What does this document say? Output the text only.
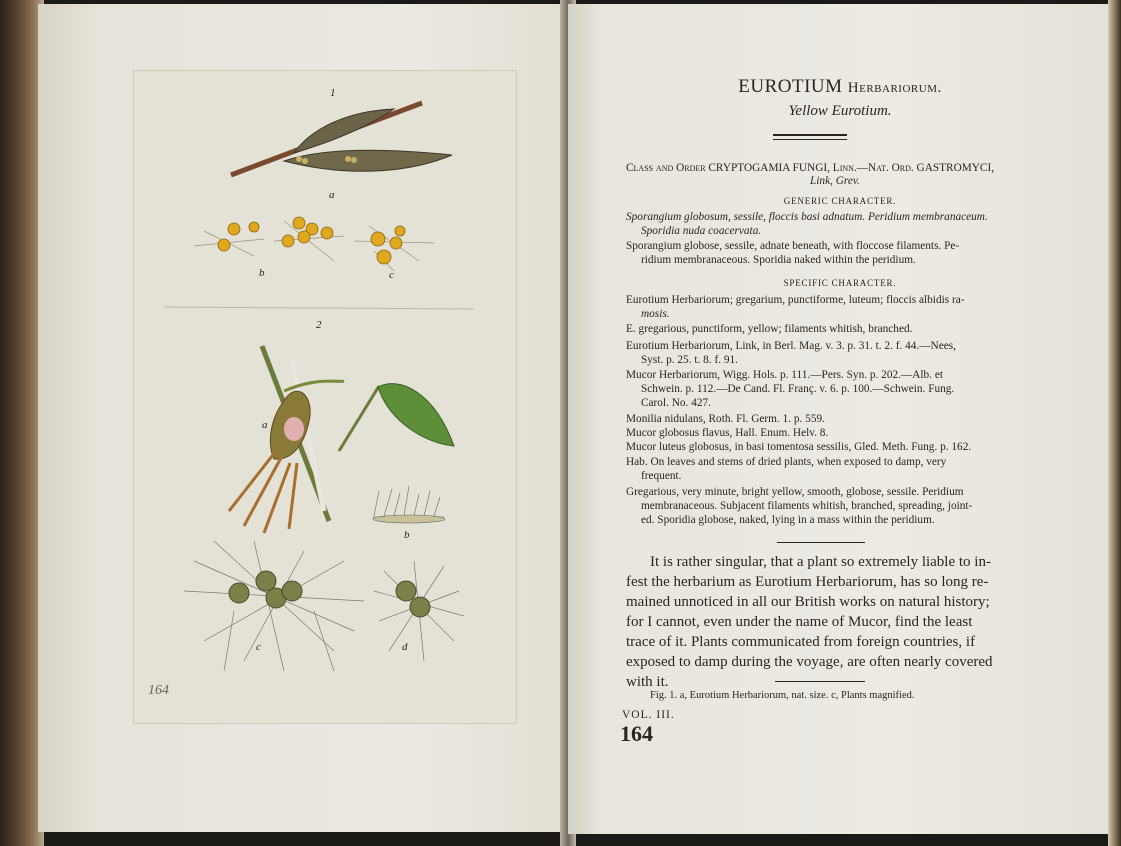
1
a
b	c
2
a
b
c	d
164
EUROTIUM Herbariorum.
Yellow Eurotium.
Class and Order CRYPTOGAMIA FUNGI, Linn.—Nat. Ord. GASTROMYCI,
Link, Grev.
GENERIC CHARACTER.
Sporangium globosum, sessile, floccis basi adnatum. Peridium membranaceum.
Sporidia nuda coacervata.
Sporangium globose, sessile, adnate beneath, with floccose filaments. Pe-
ridium membranaceous. Sporidia naked within the peridium.
SPECIFIC CHARACTER.
Eurotium Herbariorum; gregarium, punctiforme, luteum; floccis albidis ra-
mosis.
E. gregarious, punctiform, yellow; filaments whitish, branched.
Eurotium Herbariorum, Link, in Berl. Mag. v. 3. p. 31. t. 2. f. 44.—Nees,
Syst. p. 25. t. 8. f. 91.
Mucor Herbariorum, Wigg. Hols. p. 111.—Pers. Syn. p. 202.—Alb. et
Schwein. p. 112.—De Cand. Fl. Franç. v. 6. p. 100.—Schwein. Fung.
Carol. No. 427.
Monilia nidulans, Roth. Fl. Germ. 1. p. 559.
Mucor globosus flavus, Hall. Enum. Helv. 8.
Mucor luteus globosus, in basi tomentosa sessilis, Gled. Meth. Fung. p. 162.
Hab. On leaves and stems of dried plants, when exposed to damp, very
frequent.
Gregarious, very minute, bright yellow, smooth, globose, sessile. Peridium
membranaceous. Subjacent filaments whitish, branched, spreading, joint-
ed. Sporidia globose, naked, lying in a mass within the peridium.
It is rather singular, that a plant so extremely liable to in-
fest the herbarium as Eurotium Herbariorum, has so long re-
mained unnoticed in all our British works on natural history;
for I cannot, even under the name of Mucor, find the least
trace of it. Plants communicated from foreign countries, if
exposed to damp during the voyage, are often nearly covered
with it.
Fig. 1. a, Eurotium Herbariorum, nat. size. c, Plants magnified.
VOL. III.
164
